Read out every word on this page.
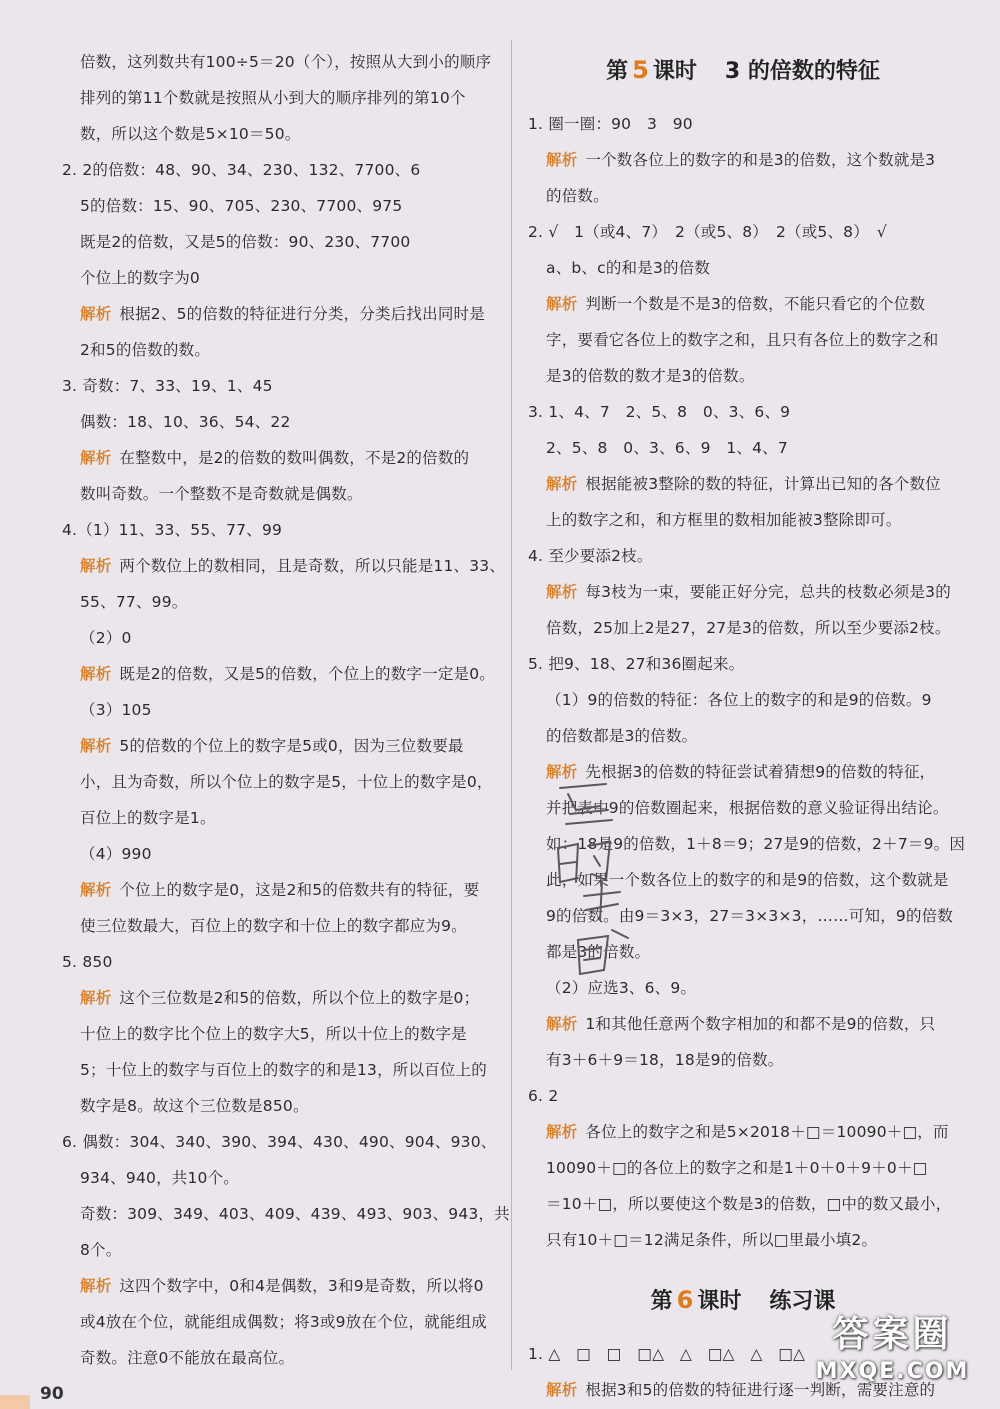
倍数，这列数共有100÷5＝20（个），按照从大到小的顺序
排列的第11个数就是按照从小到大的顺序排列的第10个
数，所以这个数是5×10＝50。
2. 2的倍数：48、90、34、230、132、7700、6
5的倍数：15、90、705、230、7700、975
既是2的倍数，又是5的倍数：90、230、7700
个位上的数字为0
解析 根据2、5的倍数的特征进行分类，分类后找出同时是
2和5的倍数的数。
3. 奇数：7、33、19、1、45
偶数：18、10、36、54、22
解析 在整数中，是2的倍数的数叫偶数，不是2的倍数的
数叫奇数。一个整数不是奇数就是偶数。
4.（1）11、33、55、77、99
解析 两个数位上的数相同，且是奇数，所以只能是11、33、
55、77、99。
（2）0
解析 既是2的倍数，又是5的倍数，个位上的数字一定是0。
（3）105
解析 5的倍数的个位上的数字是5或0，因为三位数要最
小，且为奇数，所以个位上的数字是5，十位上的数字是0，
百位上的数字是1。
（4）990
解析 个位上的数字是0，这是2和5的倍数共有的特征，要
使三位数最大，百位上的数字和十位上的数字都应为9。
5. 850
解析 这个三位数是2和5的倍数，所以个位上的数字是0；
十位上的数字比个位上的数字大5，所以十位上的数字是
5；十位上的数字与百位上的数字的和是13，所以百位上的
数字是8。故这个三位数是850。
6. 偶数：304、340、390、394、430、490、904、930、
934、940，共10个。
奇数：309、349、403、409、439、493、903、943，共
8个。
解析 这四个数字中，0和4是偶数，3和9是奇数，所以将0
或4放在个位，就能组成偶数；将3或9放在个位，就能组成
奇数。注意0不能放在最高位。
第 5 课时 3 的倍数的特征
1. 圈一圈：90　3　90
解析 一个数各位上的数字的和是3的倍数，这个数就是3
的倍数。
2. √　1（或4、7）　2（或5、8）　2（或5、8）　√
a、b、c的和是3的倍数
解析 判断一个数是不是3的倍数，不能只看它的个位数
字，要看它各位上的数字之和，且只有各位上的数字之和
是3的倍数的数才是3的倍数。
3. 1、4、7　2、5、8　0、3、6、9
2、5、8　0、3、6、9　1、4、7
解析 根据能被3整除的数的特征，计算出已知的各个数位
上的数字之和，和方框里的数相加能被3整除即可。
4. 至少要添2枝。
解析 每3枝为一束，要能正好分完，总共的枝数必须是3的
倍数，25加上2是27，27是3的倍数，所以至少要添2枝。
5. 把9、18、27和36圈起来。
（1）9的倍数的特征：各位上的数字的和是9的倍数。9
的倍数都是3的倍数。
解析 先根据3的倍数的特征尝试着猜想9的倍数的特征，
并把表中9的倍数圈起来，根据倍数的意义验证得出结论。
如：18是9的倍数，1＋8＝9；27是9的倍数，2＋7＝9。因
此，如果一个数各位上的数字的和是9的倍数，这个数就是
9的倍数。由9＝3×3，27＝3×3×3，……可知，9的倍数
都是3的倍数。
（2）应选3、6、9。
解析 1和其他任意两个数字相加的和都不是9的倍数，只
有3＋6＋9＝18，18是9的倍数。
6. 2
解析 各位上的数字之和是5×2018＋□＝10090＋□，而
10090＋□的各位上的数字之和是1＋0＋0＋9＋0＋□
＝10＋□，所以要使这个数是3的倍数，□中的数又最小，
只有10＋□＝12满足条件，所以□里最小填2。
第 6 课时 练习课
1. △　□　□　□△　△　□△　△　□△
解析 根据3和5的倍数的特征进行逐一判断，需要注意的
90
答案圈
MXQE.COM
